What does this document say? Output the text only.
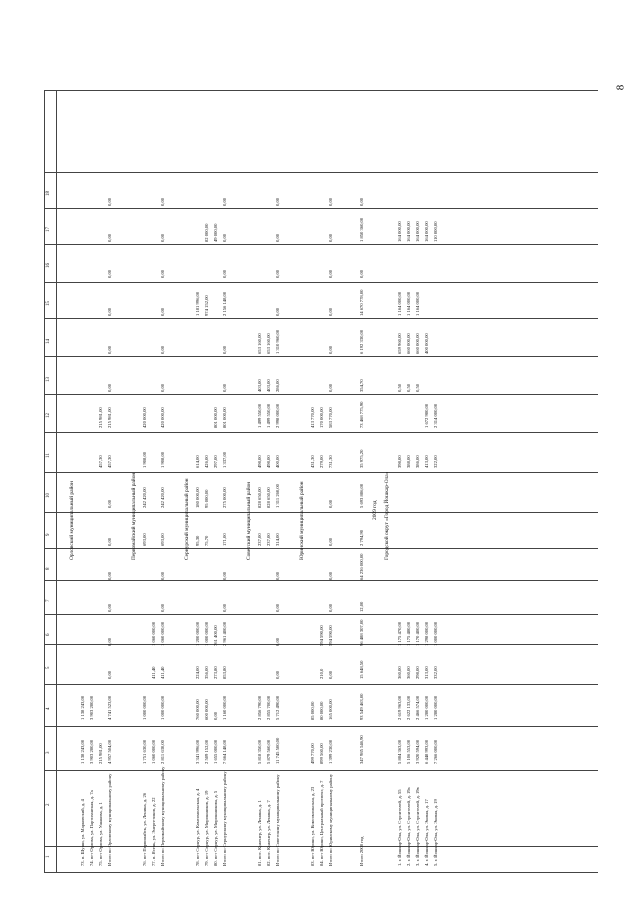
8
1
2
3
4
5
6
7
8
9
10
11
12
13
14
15
16
17
18
Орловский муниципальный район
73. п. Шуши, ул. Марковский, д. 4
1 138 243,00
1 138 243,00
74. пгт Орлова, ул. Партизанская, д. 7а
3 903 280,00
3 903 280,00
75. пгт Орлова, ул. Ушакова, д. 1
215 981,00
457,30
215 981,00
Итого по Орловскому муниципальному району
4 957 504,00
4 741 523,00
0,00
0,00
0,00
0,00
0,00
0,00
457,30
215 981,00
0,00
0,00
0,00
0,00
0,00
0,00
Первомайский муниципальный район
76. пгт Первомайск, ул. Ленина, д. 26
1 751 630,00
1 000 000,00
693,00
242 420,00
1 908,00
420 000,00
77. п. Ясень, ул. Энергетиков, д. 22
1 060 000,00
411,40
1 060 000,00
Итого по Первомайскому муниципальному району
2 811 630,00
1 000 000,00
411,40
1 060 000,00
0,00
0,00
693,00
242 420,00
1 908,00
420 000,00
0,00
0,00
0,00
0,00
0,00
0,00
Сернурский муниципальный район
78. пгт Сернур, ул. Комсомольская, д. 4
3 341 996,00
760 000,00
224,00
1 200 000,00
95,30
180 000,00
614,00
1 181 996,00
79. пгт Сернур, ул. Мирошников, д. 19
2 509 152,00
600 000,00
356,00
1 000 000,00
75,70
95 000,00
426,00
974 152,00
82 000,00
80. пгт Сернур, ул. Мирошникова, д. 5
1 655 000,00
0,00
273,80
761 400,00
297,00
801 000,00
49 000,00
Итого по Сернурскому муниципальному району
7 664 148,00
1 160 000,00
853,80
2 961 400,00
0,00
0,00
171,00
275 000,00
1 337,00
801 000,00
0,00
0,00
2 156 148,00
0,00
0,00
0,00
Советский муниципальный район
81. пос. Куженер, ул. Ленина, д. 1
5 818 350,00
2 856 790,00
237,00
828 650,00
498,00
1 499 550,00
403,00
653 160,00
82. пос. Куженер, ул. Ленина, д. 7
5 879 560,00
2 855 700,00
237,00
828 650,00
498,00
1 499 550,00
403,00
653 160,00
Итого по Советскому муниципальному району
11 745 500,00
5 712 490,00
0,00
0,00
0,00
0,00
314,00
1 311 260,00
400,00
2 998 000,00
286,00
1 310 960,00
0,00
0,00
0,00
0,00
Юринский муниципальный район
83. пгт Юрино, ул. Комсомольская, д. 23
499 770,00
85 000,00
431,30
413 770,00
84. пгт Юрино, Центральный проспект, д. 7
899 560,00
80 000,00
210,0
594 590,00
279,00
170 000,00
Итого по Юринскому муниципальному району
1 399 230,00
165 000,00
0,00
594 590,00
0,00
0,00
0,00
0,00
731,30
583 770,00
0,00
0,00
0,00
0,00
0,00
0,00
Итого 2008 год
347 985 546,90
93 549 463,00
15 648,50
96 488 307,00
12,00
64 236 000,00
2 794,90
5 693 886,00
35 975,20
73 468 775,90
354,70
6 192 330,00
14 670 778,00
0,00
1 850 360,00
0,00
2009 год Городской округ «Город Йошкар-Ола»
1. г. Йошкар-Ола, ул. Строителей, д. 55
5 884 363,00
2 619 963,00
360,00
1 175 470,00
398,00
0,50
659 960,00
1 164 000,00
164 000,00
2. г. Йошкар-Ола, ул. Строителей, д. 19а
5 106 553,00
2 622 133,00
360,00
1 175 480,00
388,00
0,50
660 000,00
1 164 000,00
164 000,00
3. г. Йошкар-Ола, ул. Строителей, д. 19в
3 920 594,00
2 466 574,00
298,00
1 170 400,00
386,00
0,50
660 000,00
1 164 000,00
164 000,00
4. г. Йошкар-Ола, ул. Эшпая, д. 17
6 448 993,00
1 280 000,00
313,00
1 298 000,00
413,00
1 672 980,00
400 000,00
164 000,00
5. г. Йошкар-Ола, ул. Эшпая, д. 19
7 266 000,00
1 280 000,00
332,00
1 000 000,00
322,00
2 314 000,00
110 000,00
